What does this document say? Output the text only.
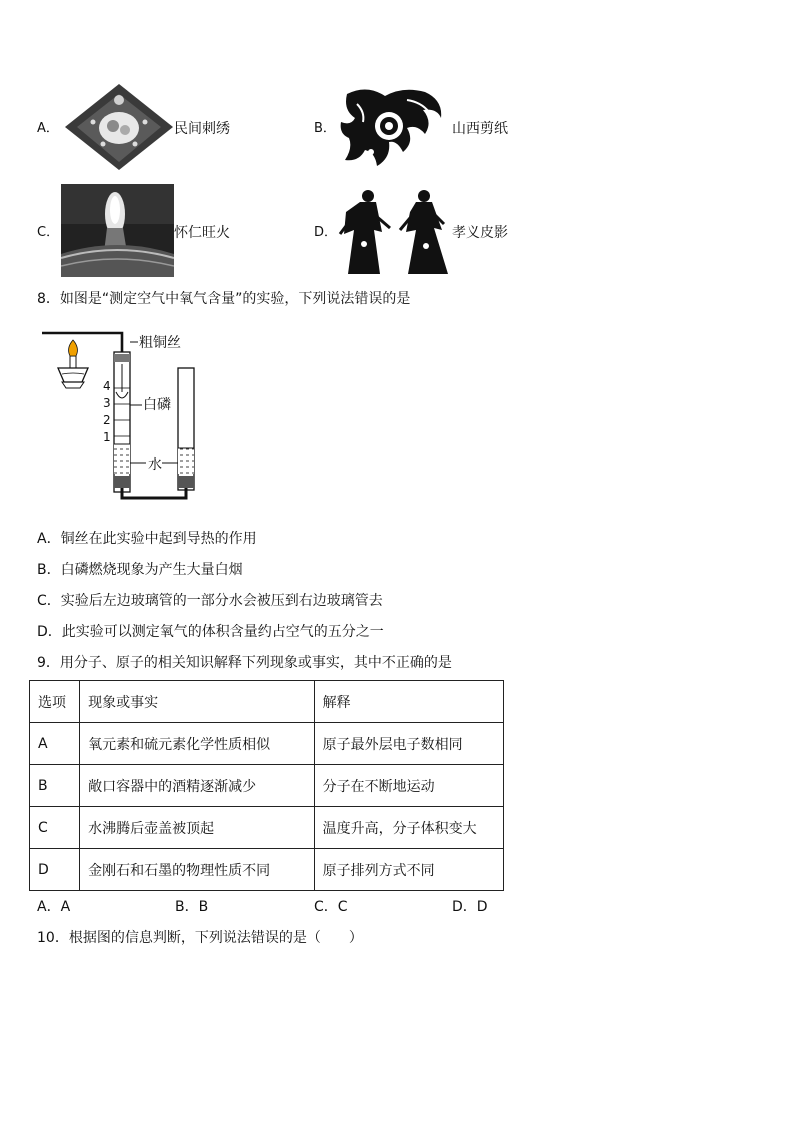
A．	民间刺绣	B．	山西剪纸
C．	怀仁旺火	D．	孝义皮影
8．如图是“测定空气中氧气含量”的实验，下列说法错误的是
粗铜丝
白磷
水
4
3
2
1
A．铜丝在此实验中起到导热的作用
B．白磷燃烧现象为产生大量白烟
C．实验后左边玻璃管的一部分水会被压到右边玻璃管去
D．此实验可以测定氧气的体积含量约占空气的五分之一
9．用分子、原子的相关知识解释下列现象或事实，其中不正确的是
选项	现象或事实	解释
A	氧元素和硫元素化学性质相似	原子最外层电子数相同
B	敞口容器中的酒精逐渐减少	分子在不断地运动
C	水沸腾后壶盖被顶起	温度升高，分子体积变大
D	金刚石和石墨的物理性质不同	原子排列方式不同
A．A	B．B	C．C	D．D
10．根据图的信息判断，下列说法错误的是（　　）
